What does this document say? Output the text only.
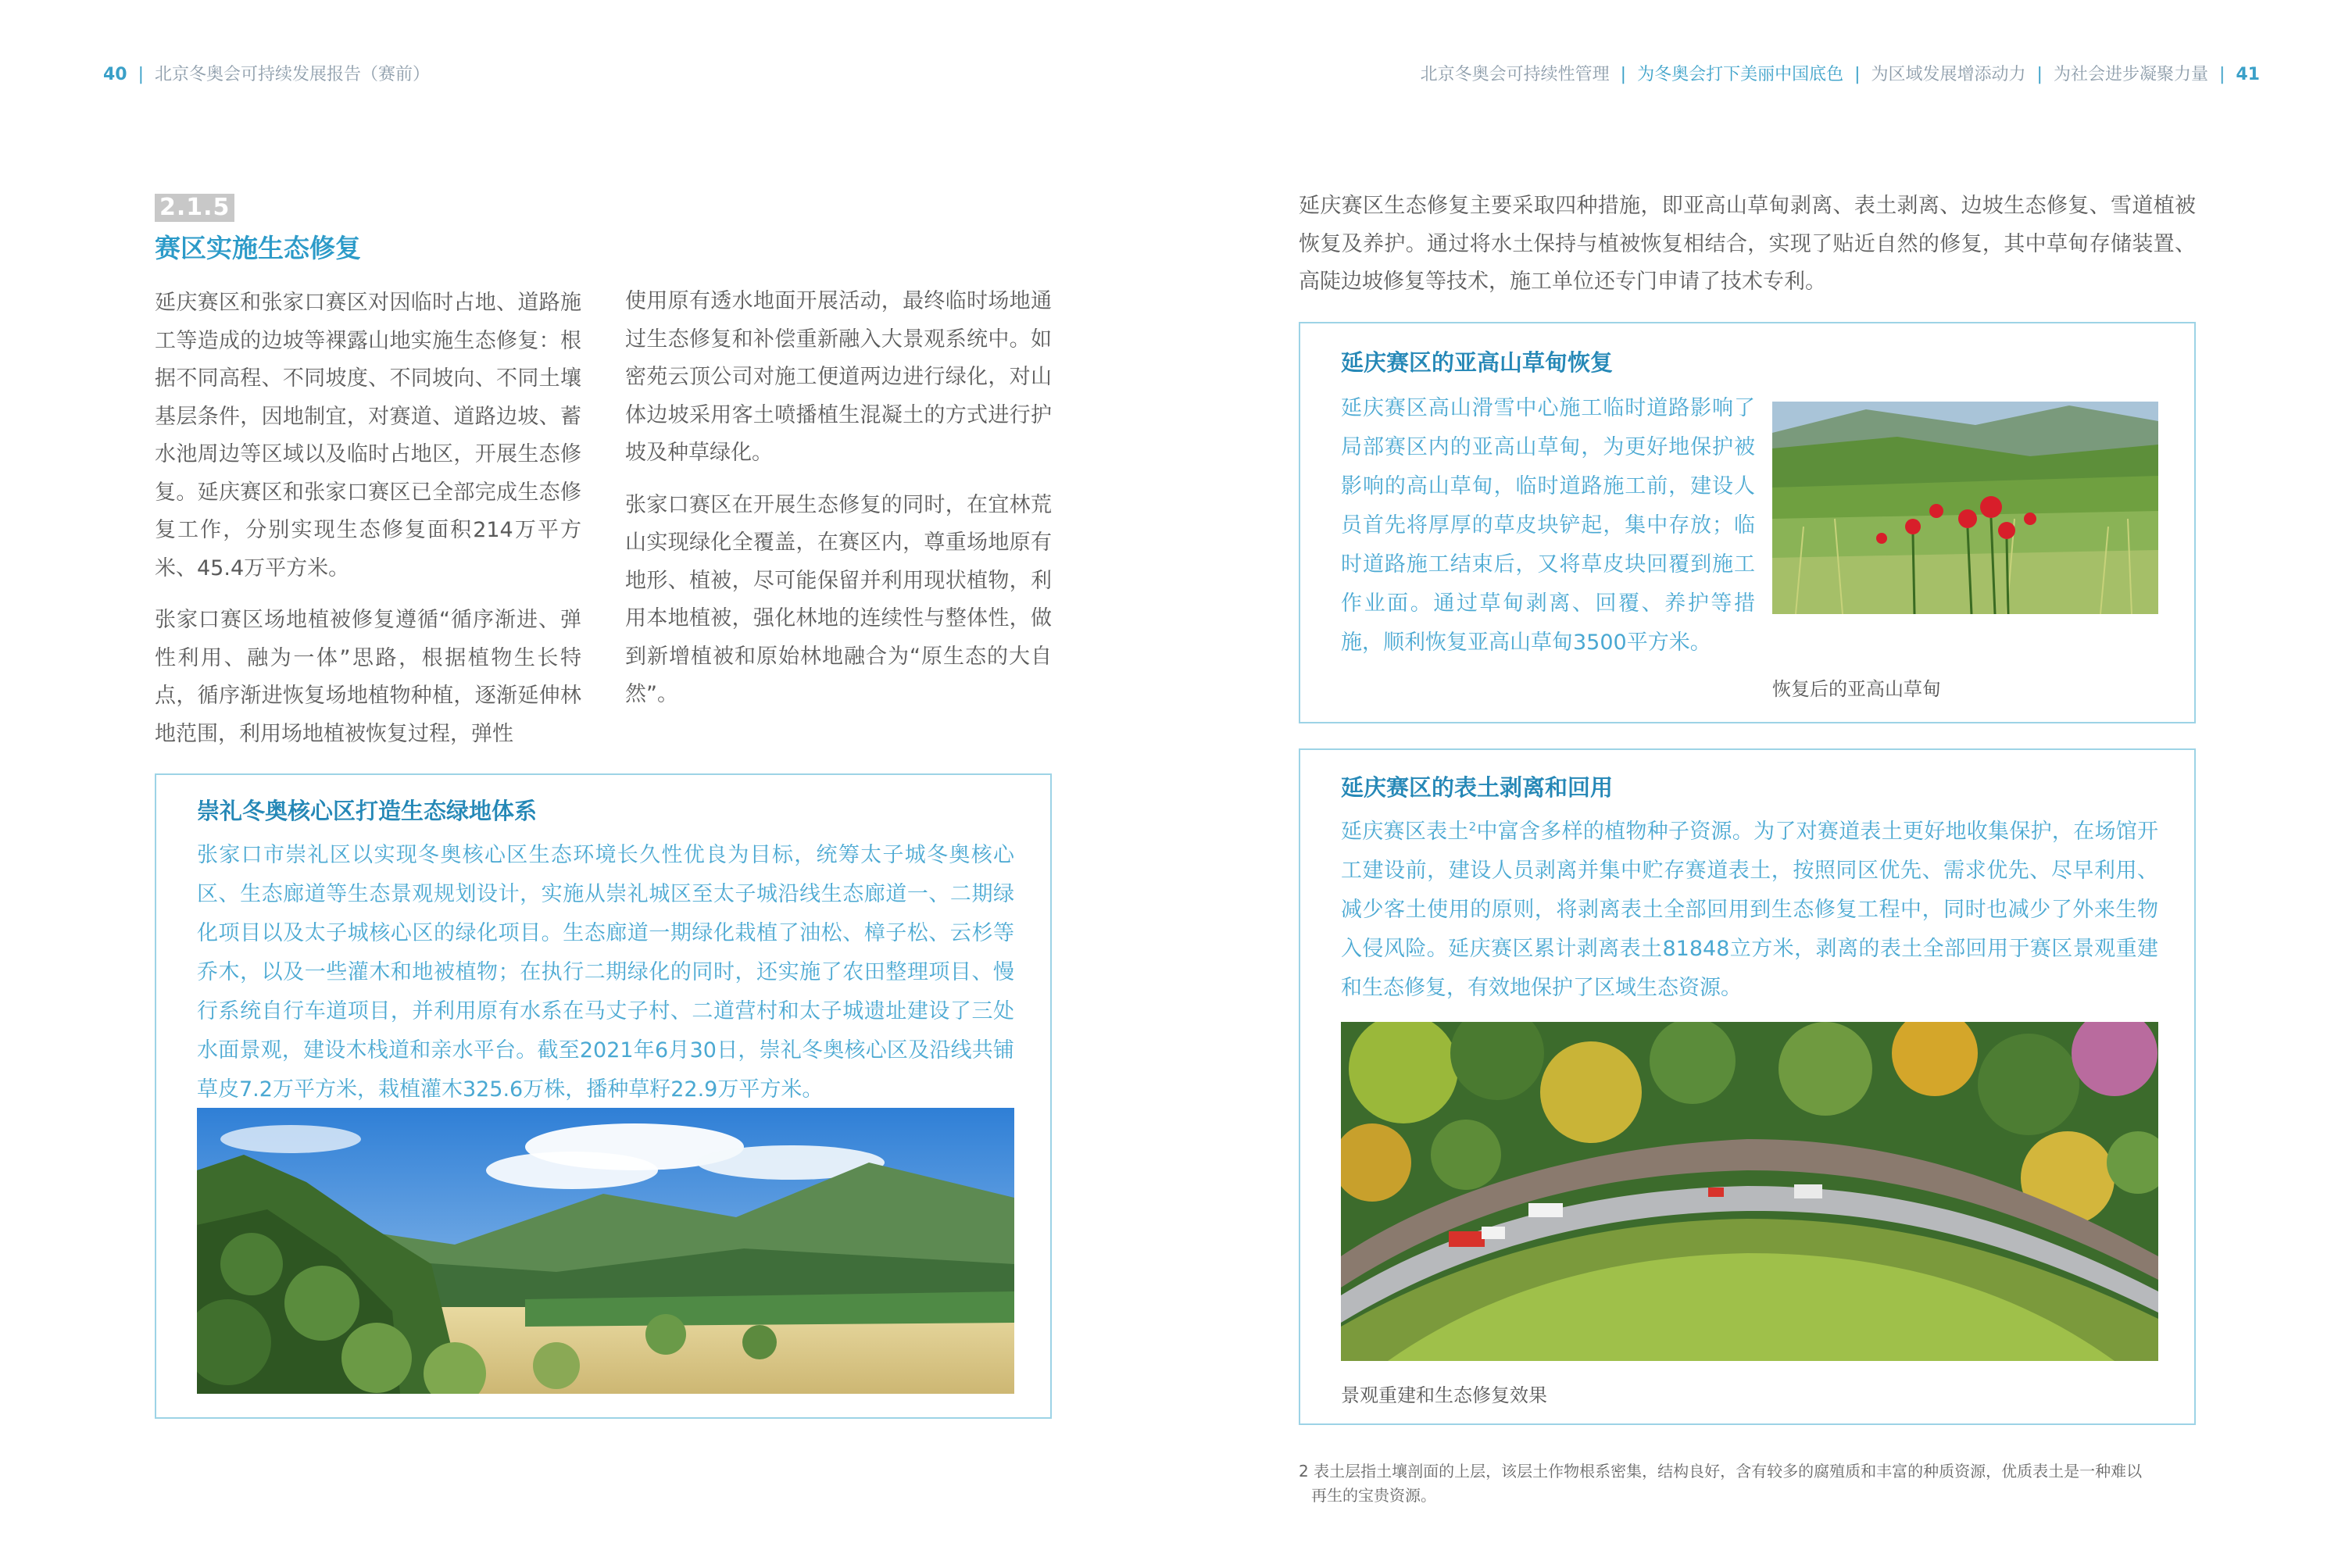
40 | 北京冬奥会可持续发展报告（赛前）	北京冬奥会可持续性管理 | 为冬奥会打下美丽中国底色 | 为区域发展增添动力 | 为社会进步凝聚力量 | 41
2.1.5
赛区实施生态修复

延庆赛区和张家口赛区对因临时占地、道路施工等造成的边坡等裸露山地实施生态修复：根据不同高程、不同坡度、不同坡向、不同土壤基层条件，因地制宜，对赛道、道路边坡、蓄水池周边等区域以及临时占地区，开展生态修复。延庆赛区和张家口赛区已全部完成生态修复工作，分别实现生态修复面积214万平方米、45.4万平方米。

张家口赛区场地植被修复遵循“循序渐进、弹性利用、融为一体”思路，根据植物生长特点，循序渐进恢复场地植物种植，逐渐延伸林地范围，利用场地植被恢复过程，弹性

使用原有透水地面开展活动，最终临时场地通过生态修复和补偿重新融入大景观系统中。如密苑云顶公司对施工便道两边进行绿化，对山体边坡采用客土喷播植生混凝土的方式进行护坡及种草绿化。

张家口赛区在开展生态修复的同时，在宜林荒山实现绿化全覆盖，在赛区内，尊重场地原有地形、植被，尽可能保留并利用现状植物，利用本地植被，强化林地的连续性与整体性，做到新增植被和原始林地融合为“原生态的大自然”。

延庆赛区生态修复主要采取四种措施，即亚高山草甸剥离、表土剥离、边坡生态修复、雪道植被恢复及养护。通过将水土保持与植被恢复相结合，实现了贴近自然的修复，其中草甸存储装置、高陡边坡修复等技术，施工单位还专门申请了技术专利。

崇礼冬奥核心区打造生态绿地体系
张家口市崇礼区以实现冬奥核心区生态环境长久性优良为目标，统筹太子城冬奥核心区、生态廊道等生态景观规划设计，实施从崇礼城区至太子城沿线生态廊道一、二期绿化项目以及太子城核心区的绿化项目。生态廊道一期绿化栽植了油松、樟子松、云杉等乔木，以及一些灌木和地被植物；在执行二期绿化的同时，还实施了农田整理项目、慢行系统自行车道项目，并利用原有水系在马丈子村、二道营村和太子城遗址建设了三处水面景观，建设木栈道和亲水平台。截至2021年6月30日，崇礼冬奥核心区及沿线共铺草皮7.2万平方米，栽植灌木325.6万株，播种草籽22.9万平方米。
延庆赛区的亚高山草甸恢复
延庆赛区高山滑雪中心施工临时道路影响了局部赛区内的亚高山草甸，为更好地保护被影响的高山草甸，临时道路施工前，建设人员首先将厚厚的草皮块铲起，集中存放；临时道路施工结束后，又将草皮块回覆到施工作业面。通过草甸剥离、回覆、养护等措施，顺利恢复亚高山草甸3500平方米。
恢复后的亚高山草甸
延庆赛区的表土剥离和回用
延庆赛区表土$^2$中富含多样的植物种子资源。为了对赛道表土更好地收集保护，在场馆开工建设前，建设人员剥离并集中贮存赛道表土，按照同区优先、需求优先、尽早利用、减少客土使用的原则，将剥离表土全部回用到生态修复工程中，同时也减少了外来生物入侵风险。延庆赛区累计剥离表土81848立方米，剥离的表土全部回用于赛区景观重建和生态修复，有效地保护了区域生态资源。
景观重建和生态修复效果
2 表土层指土壤剖面的上层，该层土作物根系密集，结构良好，含有较多的腐殖质和丰富的种质资源，优质表土是一种难以
再生的宝贵资源。
